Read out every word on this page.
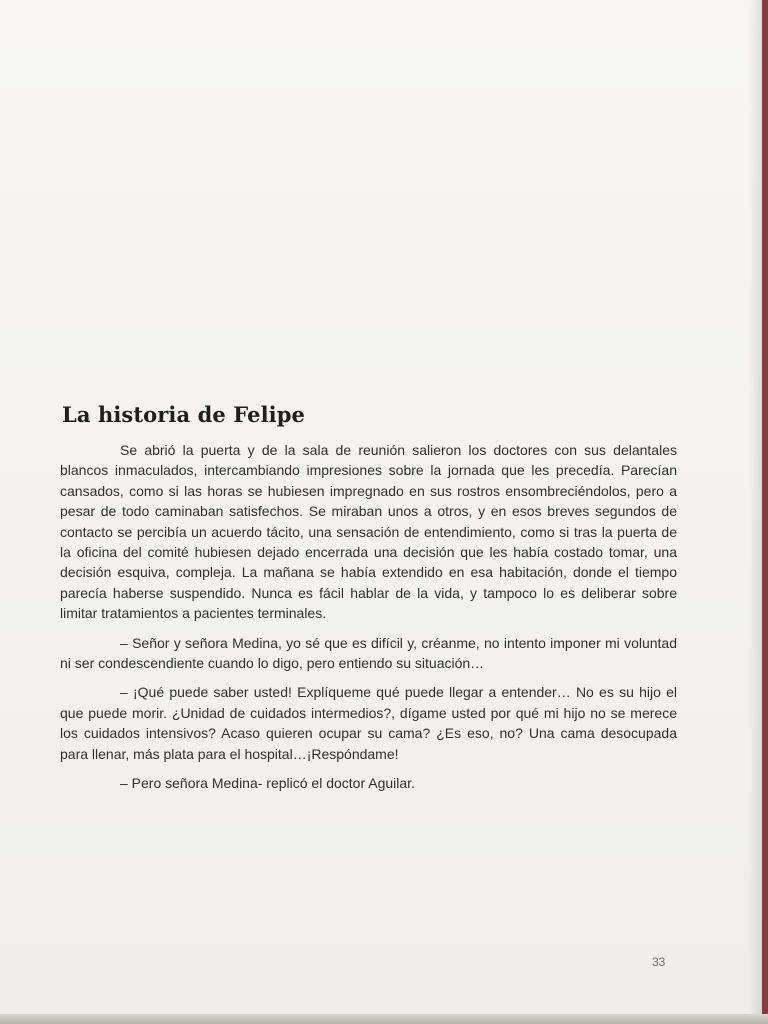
La historia de Felipe

Se abrió la puerta y de la sala de reunión salieron los doctores con sus delantales blancos inmaculados, intercambiando impresiones sobre la jornada que les precedía. Parecían cansados, como si las horas se hubiesen impregnado en sus rostros ensombreciéndolos, pero a pesar de todo caminaban satisfechos. Se miraban unos a otros, y en esos breves segundos de contacto se percibía un acuerdo tácito, una sensación de entendimiento, como si tras la puerta de la oficina del comité hubiesen dejado encerrada una decisión que les había costado tomar, una decisión esquiva, compleja. La mañana se había extendido en esa habitación, donde el tiempo parecía haberse suspendido. Nunca es fácil hablar de la vida, y tampoco lo es deliberar sobre limitar tratamientos a pacientes terminales.

– Señor y señora Medina, yo sé que es difícil y, créanme, no intento imponer mi voluntad ni ser condescendiente cuando lo digo, pero entiendo su situación…

– ¡Qué puede saber usted! Explíqueme qué puede llegar a entender… No es su hijo el que puede morir. ¿Unidad de cuidados intermedios?, dígame usted por qué mi hijo no se merece los cuidados intensivos? Acaso quieren ocupar su cama? ¿Es eso, no? Una cama desocupada para llenar, más plata para el hospital…¡Respóndame!

– Pero señora Medina- replicó el doctor Aguilar.

33
